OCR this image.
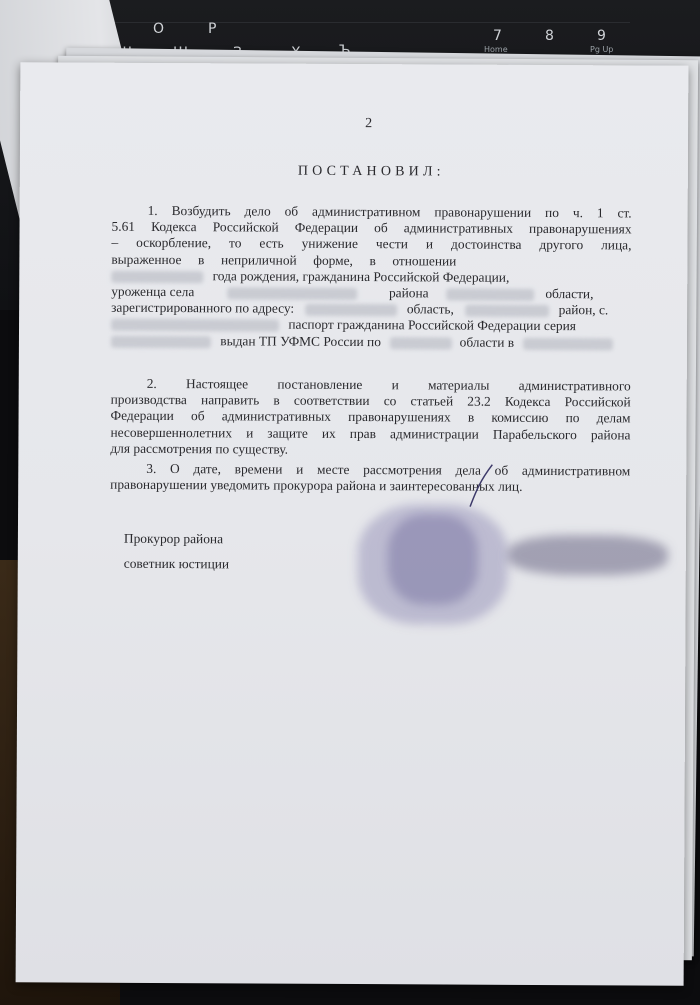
О	Р	7	8	9
Home	Pg Up
2
ПОСТАНОВИЛ:
1. Возбудить дело об административном правонарушении по ч. 1 ст.
5.61 Кодекса Российской Федерации об административных правонарушениях
– оскорбление, то есть унижение чести и достоинства другого лица,
выраженное в неприличной форме, в отношении
года рождения, гражданина Российской Федерации,
уроженца села	района	области,
зарегистрированного по адресу:	область,	район, с.
паспорт гражданина Российской Федерации серия
выдан ТП УФМС России по	области в
2. Настоящее постановление и материалы административного
производства направить в соответствии со статьей 23.2 Кодекса Российской
Федерации об административных правонарушениях в комиссию по делам
несовершеннолетних и защите их прав администрации Парабельского района
для рассмотрения по существу.
3. О дате, времени и месте рассмотрения дела об административном
правонарушении уведомить прокурора района и заинтересованных лиц.
Прокурор района
советник юстиции
